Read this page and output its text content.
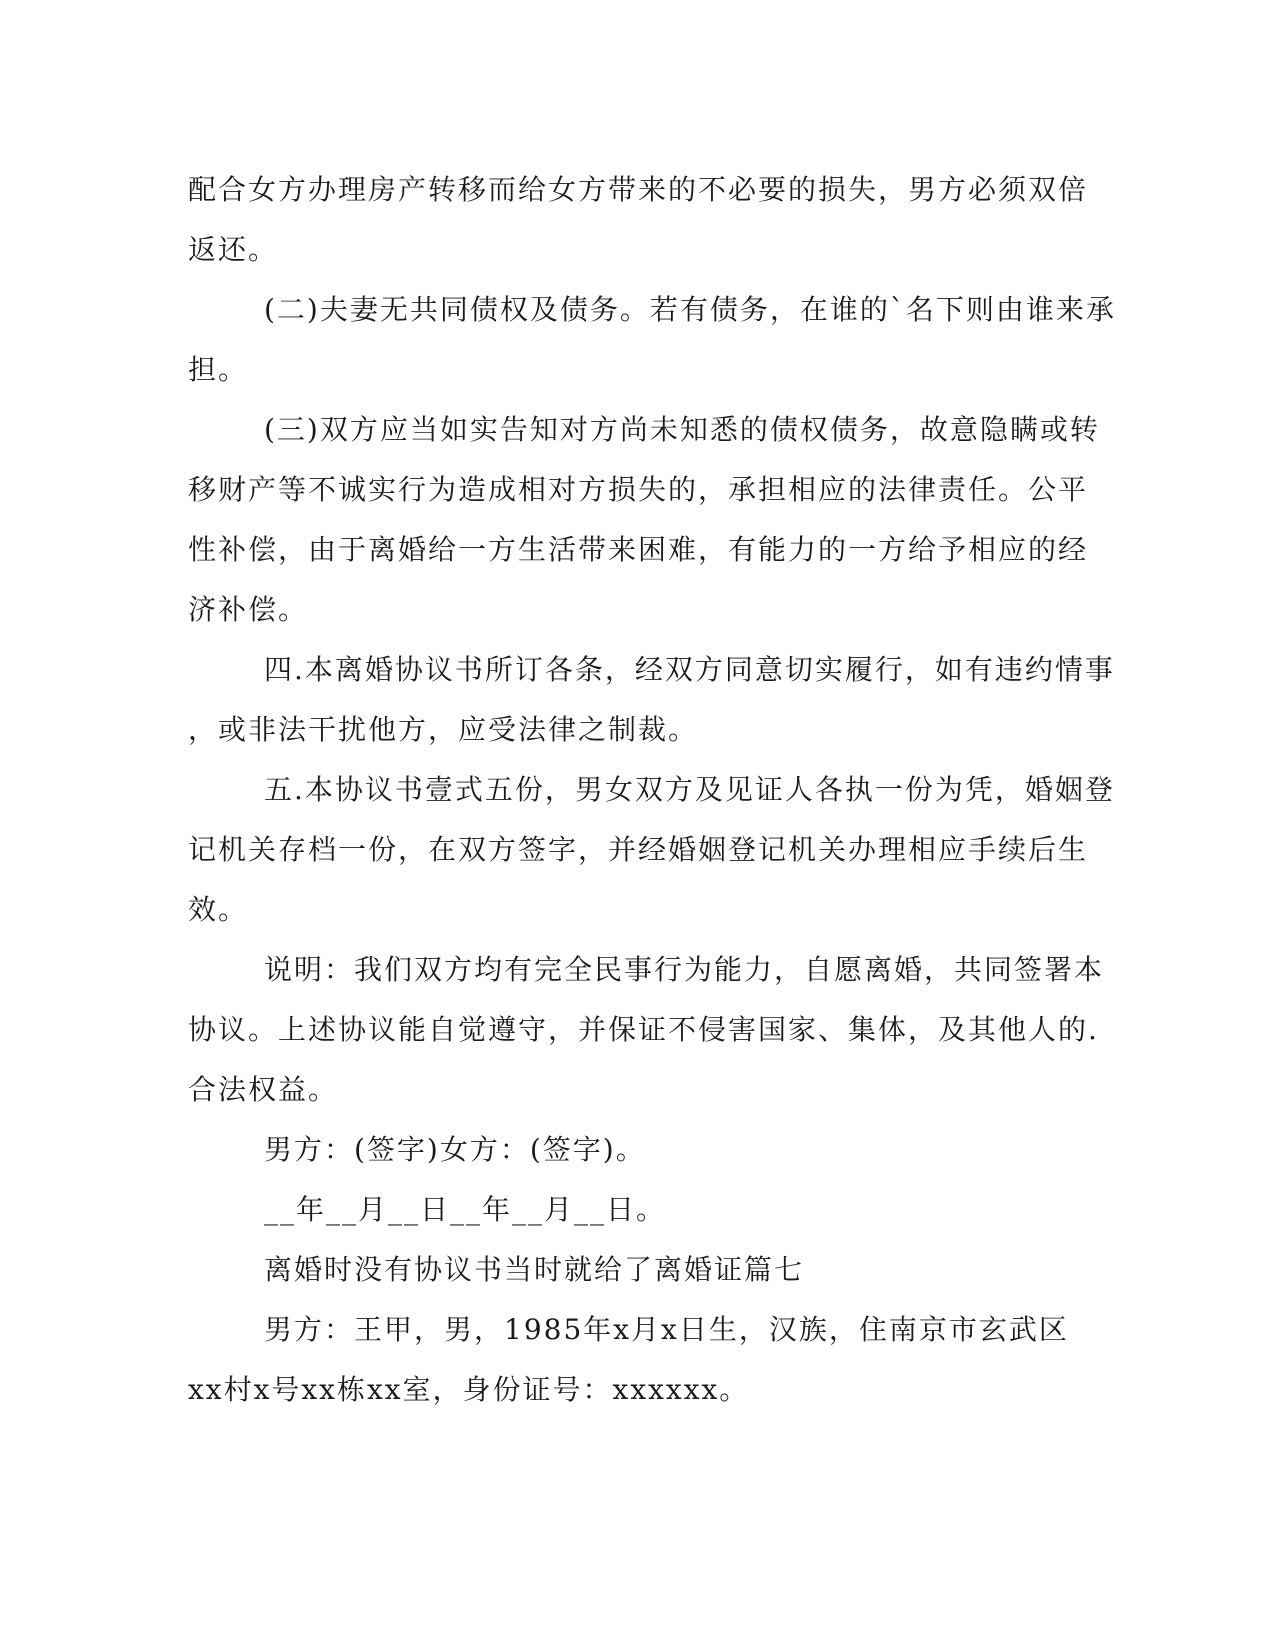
配合女方办理房产转移而给女方带来的不必要的损失，男方必须双倍
返还。
(二)夫妻无共同债权及债务。若有债务，在谁的`名下则由谁来承
担。
(三)双方应当如实告知对方尚未知悉的债权债务，故意隐瞒或转
移财产等不诚实行为造成相对方损失的，承担相应的法律责任。公平
性补偿，由于离婚给一方生活带来困难，有能力的一方给予相应的经
济补偿。
四.本离婚协议书所订各条，经双方同意切实履行，如有违约情事
，或非法干扰他方，应受法律之制裁。
五.本协议书壹式五份，男女双方及见证人各执一份为凭，婚姻登
记机关存档一份，在双方签字，并经婚姻登记机关办理相应手续后生
效。
说明：我们双方均有完全民事行为能力，自愿离婚，共同签署本
协议。上述协议能自觉遵守，并保证不侵害国家、集体，及其他人的.
合法权益。
男方：(签字)女方：(签字)。
__年__月__日__年__月__日。
离婚时没有协议书当时就给了离婚证篇七
男方：王甲，男，1985年x月x日生，汉族，住南京市玄武区
xx村x号xx栋xx室，身份证号：xxxxxx。
